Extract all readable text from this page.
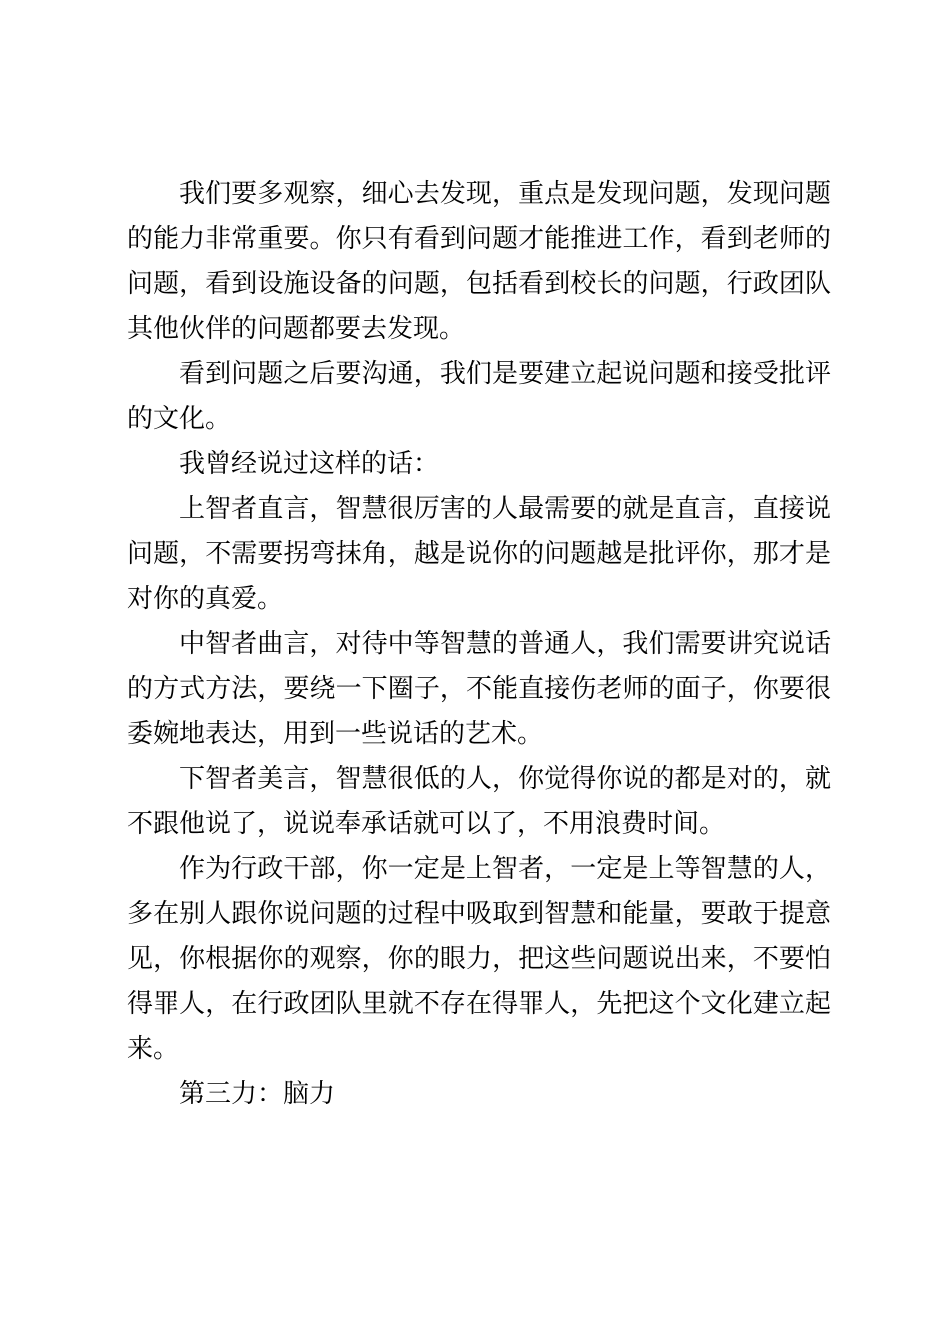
我们要多观察，细心去发现，重点是发现问题，发现问题的能力非常重要。你只有看到问题才能推进工作，看到老师的问题，看到设施设备的问题，包括看到校长的问题，行政团队其他伙伴的问题都要去发现。

看到问题之后要沟通，我们是要建立起说问题和接受批评的文化。

我曾经说过这样的话：

上智者直言，智慧很厉害的人最需要的就是直言，直接说问题，不需要拐弯抹角，越是说你的问题越是批评你，那才是对你的真爱。

中智者曲言，对待中等智慧的普通人，我们需要讲究说话的方式方法，要绕一下圈子，不能直接伤老师的面子，你要很委婉地表达，用到一些说话的艺术。

下智者美言，智慧很低的人，你觉得你说的都是对的，就不跟他说了，说说奉承话就可以了，不用浪费时间。

作为行政干部，你一定是上智者，一定是上等智慧的人，多在别人跟你说问题的过程中吸取到智慧和能量，要敢于提意见，你根据你的观察，你的眼力，把这些问题说出来，不要怕得罪人，在行政团队里就不存在得罪人，先把这个文化建立起来。

第三力：脑力
